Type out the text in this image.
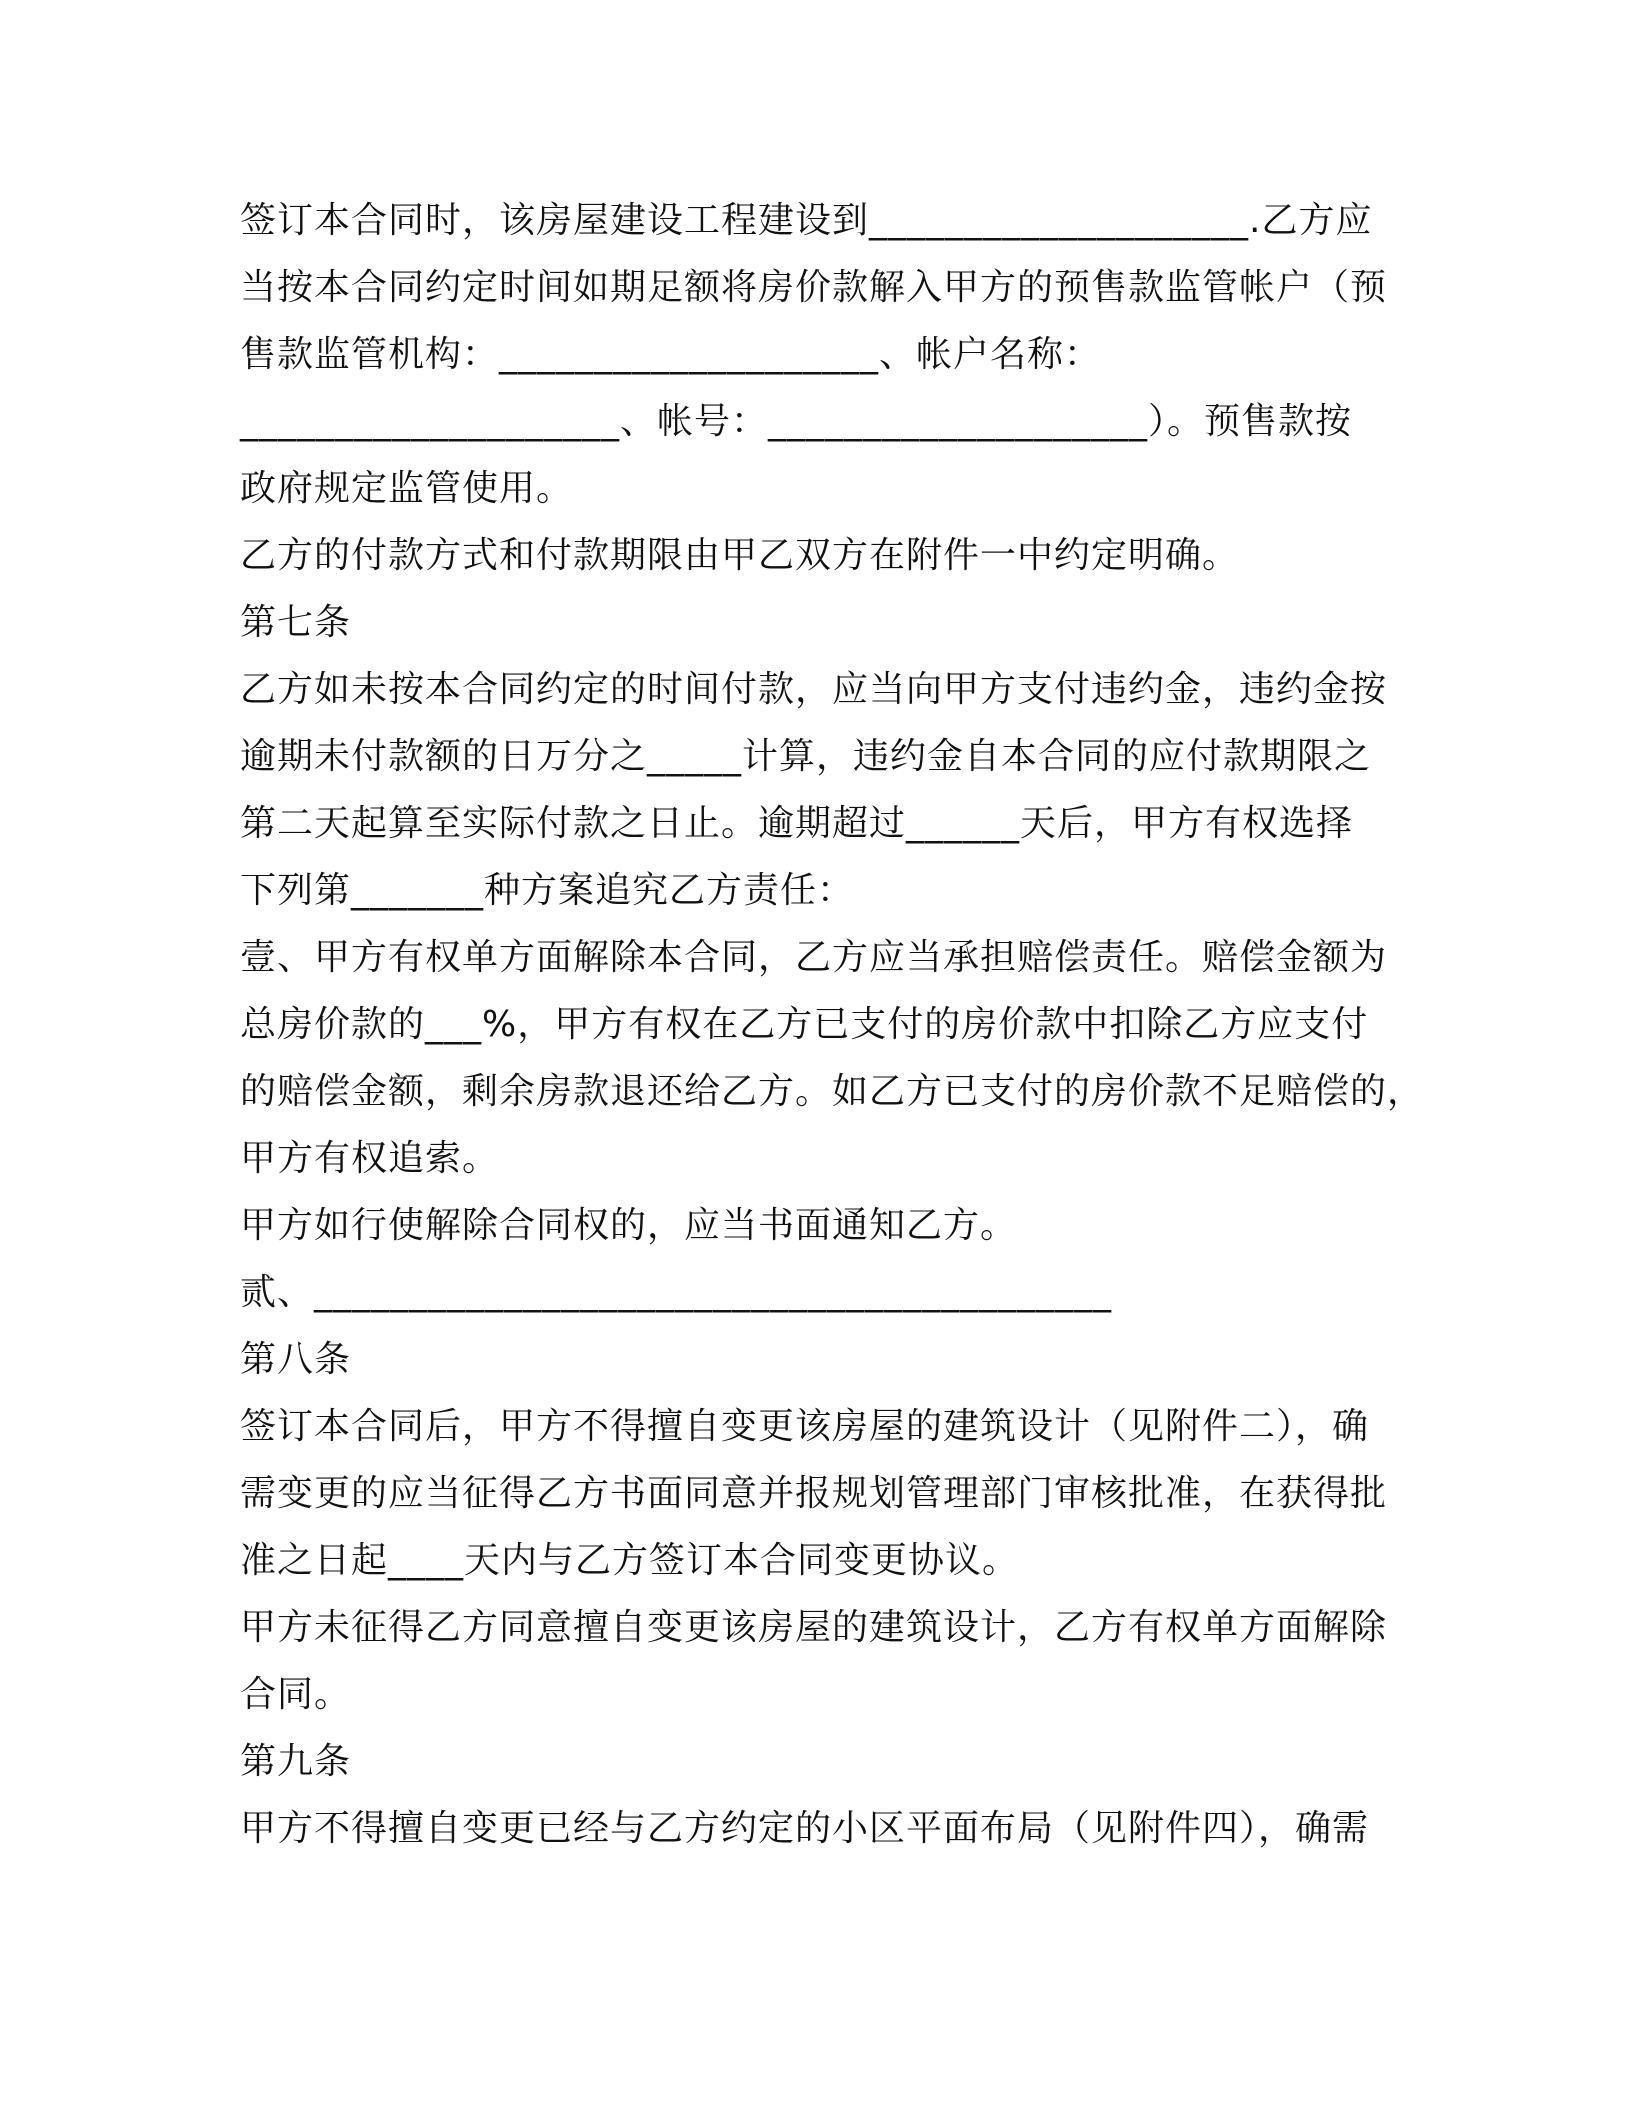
签订本合同时，该房屋建设工程建设到____________________.乙方应
当按本合同约定时间如期足额将房价款解入甲方的预售款监管帐户（预
售款监管机构：____________________、帐户名称：
____________________、帐号：____________________）。预售款按
政府规定监管使用。
乙方的付款方式和付款期限由甲乙双方在附件一中约定明确。
第七条
乙方如未按本合同约定的时间付款，应当向甲方支付违约金，违约金按
逾期未付款额的日万分之_____计算，违约金自本合同的应付款期限之
第二天起算至实际付款之日止。逾期超过______天后，甲方有权选择
下列第_______种方案追究乙方责任：
壹、甲方有权单方面解除本合同，乙方应当承担赔偿责任。赔偿金额为
总房价款的___%，甲方有权在乙方已支付的房价款中扣除乙方应支付
的赔偿金额，剩余房款退还给乙方。如乙方已支付的房价款不足赔偿的，
甲方有权追索。
甲方如行使解除合同权的，应当书面通知乙方。
贰、__________________________________________
第八条
签订本合同后，甲方不得擅自变更该房屋的建筑设计（见附件二），确
需变更的应当征得乙方书面同意并报规划管理部门审核批准，在获得批
准之日起____天内与乙方签订本合同变更协议。
甲方未征得乙方同意擅自变更该房屋的建筑设计，乙方有权单方面解除
合同。
第九条
甲方不得擅自变更已经与乙方约定的小区平面布局（见附件四），确需
